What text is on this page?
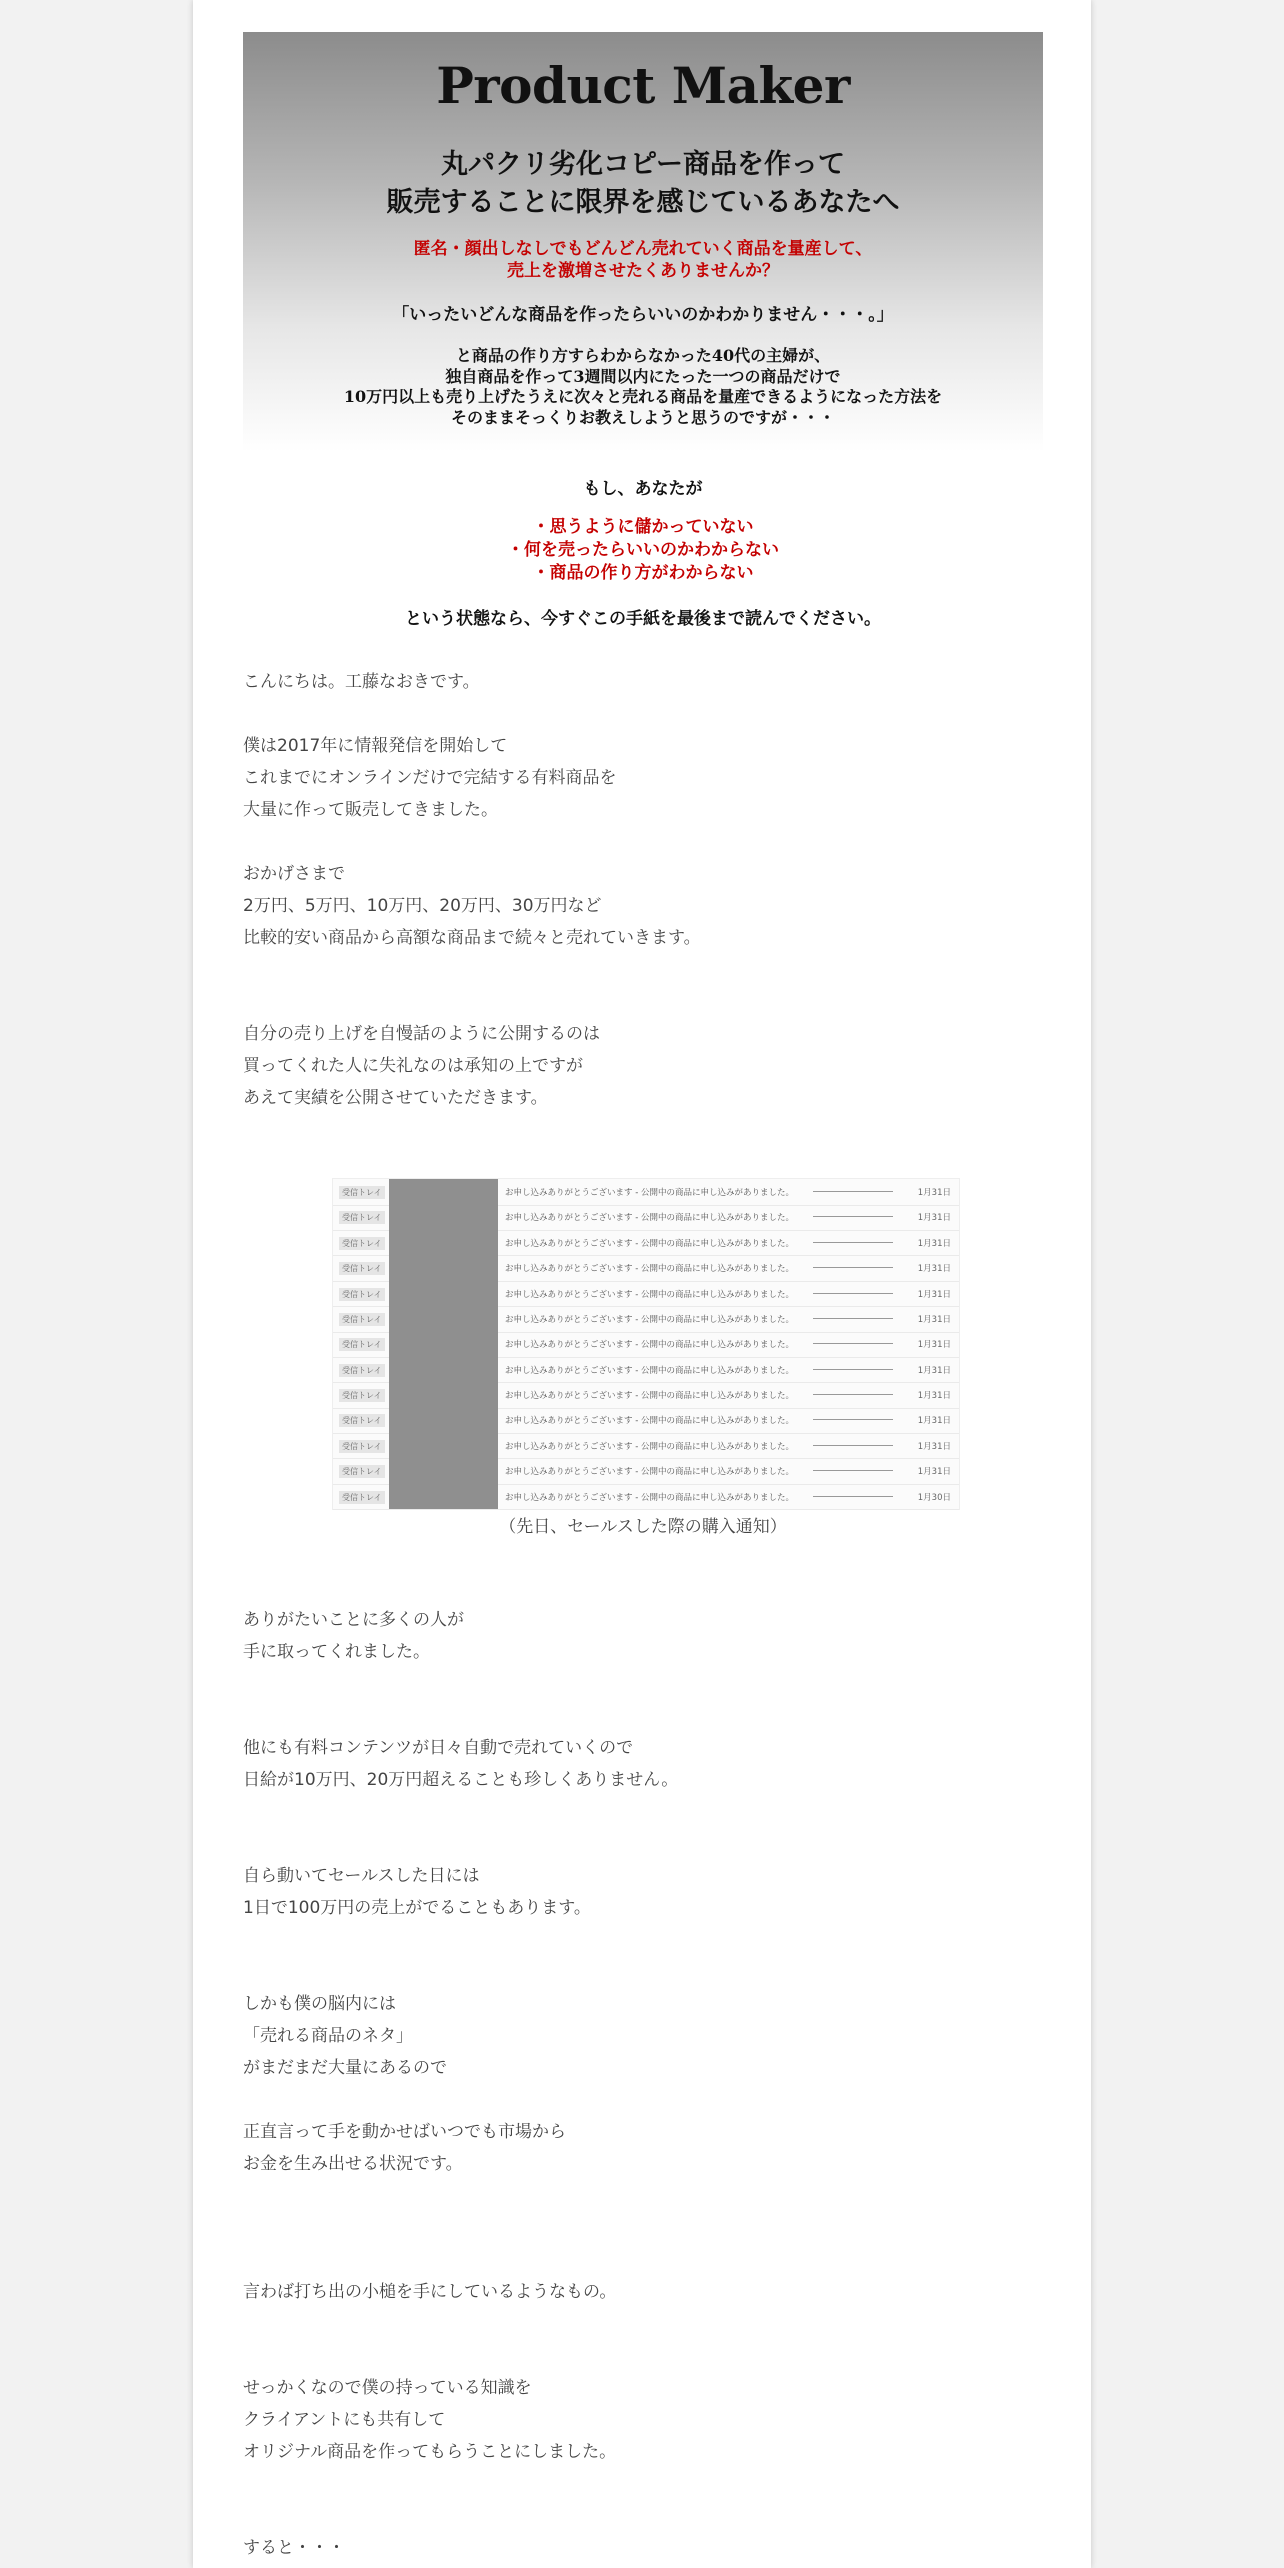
Product Maker
丸パクリ劣化コピー商品を作って
販売することに限界を感じているあなたへ
匿名・顔出しなしでもどんどん売れていく商品を量産して、
売上を激増させたくありませんか？
「いったいどんな商品を作ったらいいのかわかりません・・・。」
と商品の作り方すらわからなかった40代の主婦が、
独自商品を作って3週間以内にたった一つの商品だけで
10万円以上も売り上げたうえに次々と売れる商品を量産できるようになった方法を
そのままそっくりお教えしようと思うのですが・・・
もし、あなたが
・思うように儲かっていない
・何を売ったらいいのかわからない
・商品の作り方がわからない
という状態なら、今すぐこの手紙を最後まで読んでください。
こんにちは。工藤なおきです。
僕は2017年に情報発信を開始して
これまでにオンラインだけで完結する有料商品を
大量に作って販売してきました。
おかげさまで
2万円、5万円、10万円、20万円、30万円など
比較的安い商品から高額な商品まで続々と売れていきます。
自分の売り上げを自慢話のように公開するのは
買ってくれた人に失礼なのは承知の上ですが
あえて実績を公開させていただきます。
受信トレイ	お申し込みありがとうございます - 公開中の商品に申し込みがありました。	1月31日
受信トレイ	お申し込みありがとうございます - 公開中の商品に申し込みがありました。	1月31日
受信トレイ	お申し込みありがとうございます - 公開中の商品に申し込みがありました。	1月31日
受信トレイ	お申し込みありがとうございます - 公開中の商品に申し込みがありました。	1月31日
受信トレイ	お申し込みありがとうございます - 公開中の商品に申し込みがありました。	1月31日
受信トレイ	お申し込みありがとうございます - 公開中の商品に申し込みがありました。	1月31日
受信トレイ	お申し込みありがとうございます - 公開中の商品に申し込みがありました。	1月31日
受信トレイ	お申し込みありがとうございます - 公開中の商品に申し込みがありました。	1月31日
受信トレイ	お申し込みありがとうございます - 公開中の商品に申し込みがありました。	1月31日
受信トレイ	お申し込みありがとうございます - 公開中の商品に申し込みがありました。	1月31日
受信トレイ	お申し込みありがとうございます - 公開中の商品に申し込みがありました。	1月31日
受信トレイ	お申し込みありがとうございます - 公開中の商品に申し込みがありました。	1月31日
受信トレイ	お申し込みありがとうございます - 公開中の商品に申し込みがありました。	1月30日
（先日、セールスした際の購入通知）
ありがたいことに多くの人が
手に取ってくれました。
他にも有料コンテンツが日々自動で売れていくので
日給が10万円、20万円超えることも珍しくありません。
自ら動いてセールスした日には
1日で100万円の売上がでることもあります。
しかも僕の脳内には
「売れる商品のネタ」
がまだまだ大量にあるので
正直言って手を動かせばいつでも市場から
お金を生み出せる状況です。
言わば打ち出の小槌を手にしているようなもの。
せっかくなので僕の持っている知識を
クライアントにも共有して
オリジナル商品を作ってもらうことにしました。
すると・・・
